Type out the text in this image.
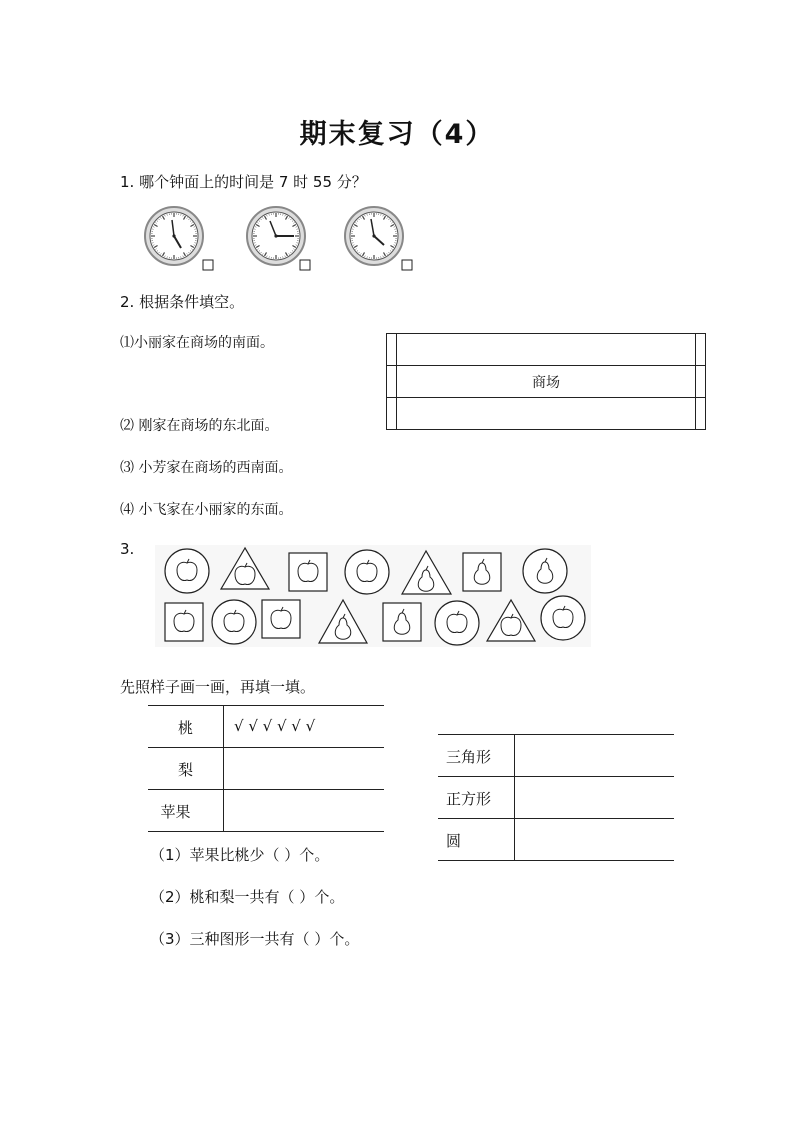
期末复习（4）
1. 哪个钟面上的时间是 7 时 55 分？
2. 根据条件填空。
⑴小丽家在商场的南面。
⑵ 刚家在商场的东北面。
⑶ 小芳家在商场的西南面。
⑷ 小飞家在小丽家的东面。

	商场	

3.
先照样子画一画，再填一填。
桃	√ √ √ √ √ √
梨
苹果
三角形
正方形
圆
（1）苹果比桃少（ ）个。
（2）桃和梨一共有（ ）个。
（3）三种图形一共有（ ）个。
